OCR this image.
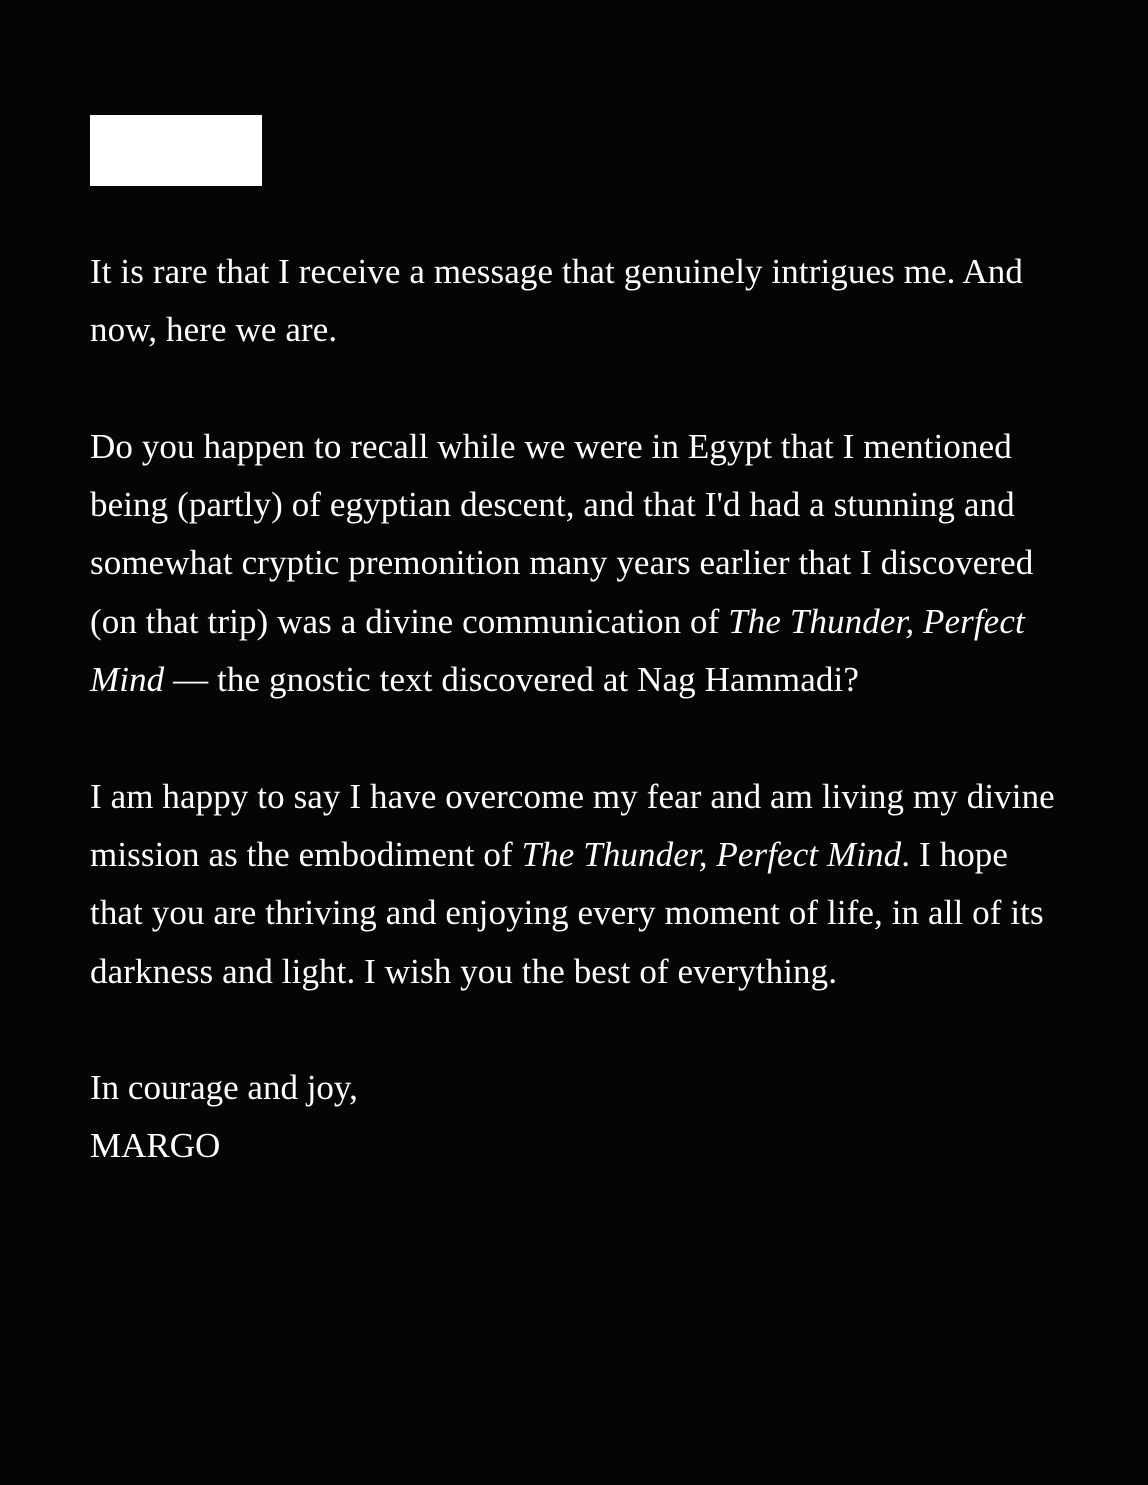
It is rare that I receive a message that genuinely intrigues me. And now, here we are.

Do you happen to recall while we were in Egypt that I mentioned being (partly) of egyptian descent, and that I'd had a stunning and somewhat cryptic premonition many years earlier that I discovered (on that trip) was a divine communication of The Thunder, Perfect Mind — the gnostic text discovered at Nag Hammadi?

I am happy to say I have overcome my fear and am living my divine mission as the embodiment of The Thunder, Perfect Mind. I hope that you are thriving and enjoying every moment of life, in all of its darkness and light. I wish you the best of everything.

In courage and joy,
MARGO
